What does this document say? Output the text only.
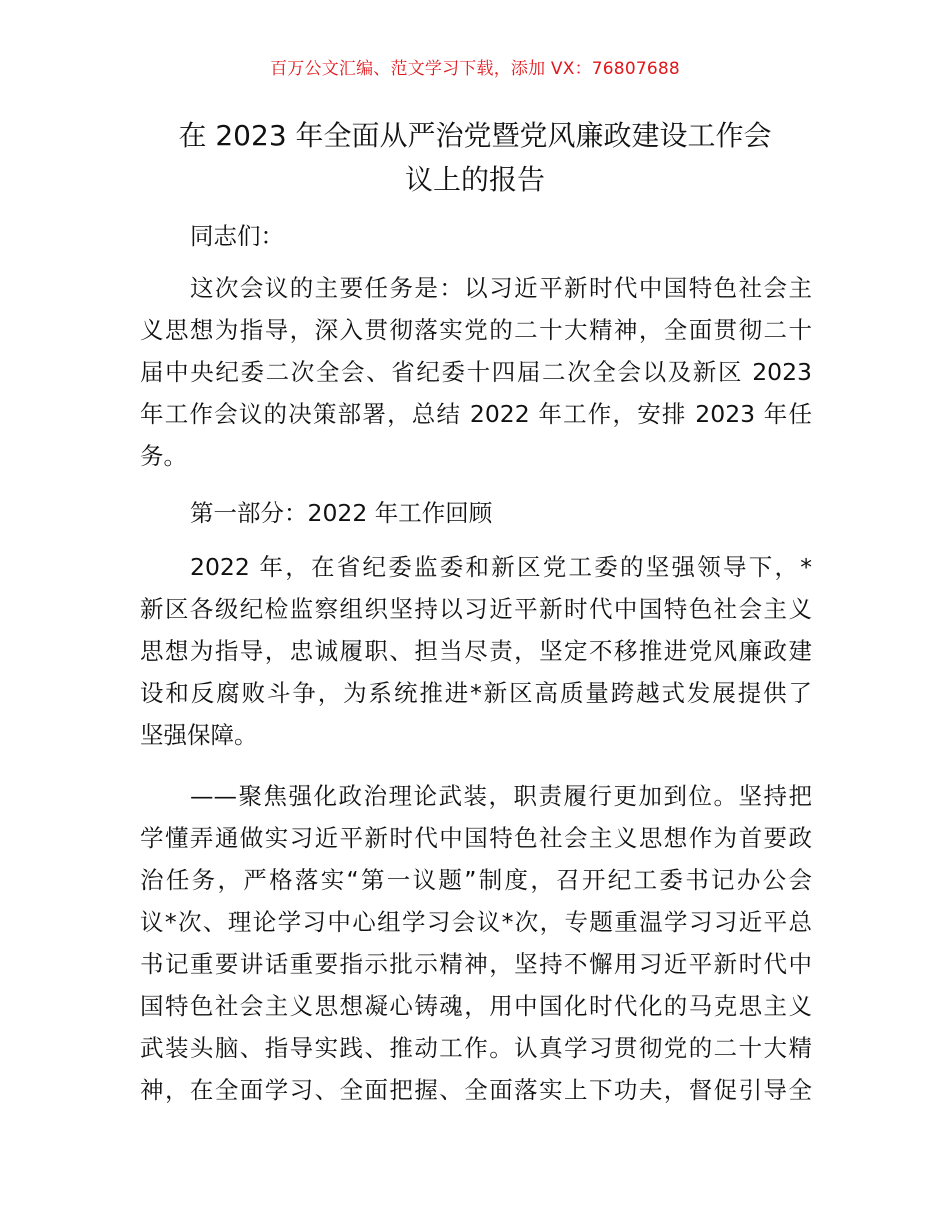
百万公文汇编、范文学习下载，添加 VX：76807688
在 2023 年全面从严治党暨党风廉政建设工作会
议上的报告
同志们：
这次会议的主要任务是：以习近平新时代中国特色社会主
义思想为指导，深入贯彻落实党的二十大精神，全面贯彻二十
届中央纪委二次全会、省纪委十四届二次全会以及新区 2023
年工作会议的决策部署，总结 2022 年工作，安排 2023 年任
务。
第一部分：2022 年工作回顾
2022 年，在省纪委监委和新区党工委的坚强领导下，*
新区各级纪检监察组织坚持以习近平新时代中国特色社会主义
思想为指导，忠诚履职、担当尽责，坚定不移推进党风廉政建
设和反腐败斗争，为系统推进*新区高质量跨越式发展提供了
坚强保障。
——聚焦强化政治理论武装，职责履行更加到位。坚持把
学懂弄通做实习近平新时代中国特色社会主义思想作为首要政
治任务，严格落实“第一议题”制度，召开纪工委书记办公会
议*次、理论学习中心组学习会议*次，专题重温学习习近平总
书记重要讲话重要指示批示精神，坚持不懈用习近平新时代中
国特色社会主义思想凝心铸魂，用中国化时代化的马克思主义
武装头脑、指导实践、推动工作。认真学习贯彻党的二十大精
神，在全面学习、全面把握、全面落实上下功夫，督促引导全
